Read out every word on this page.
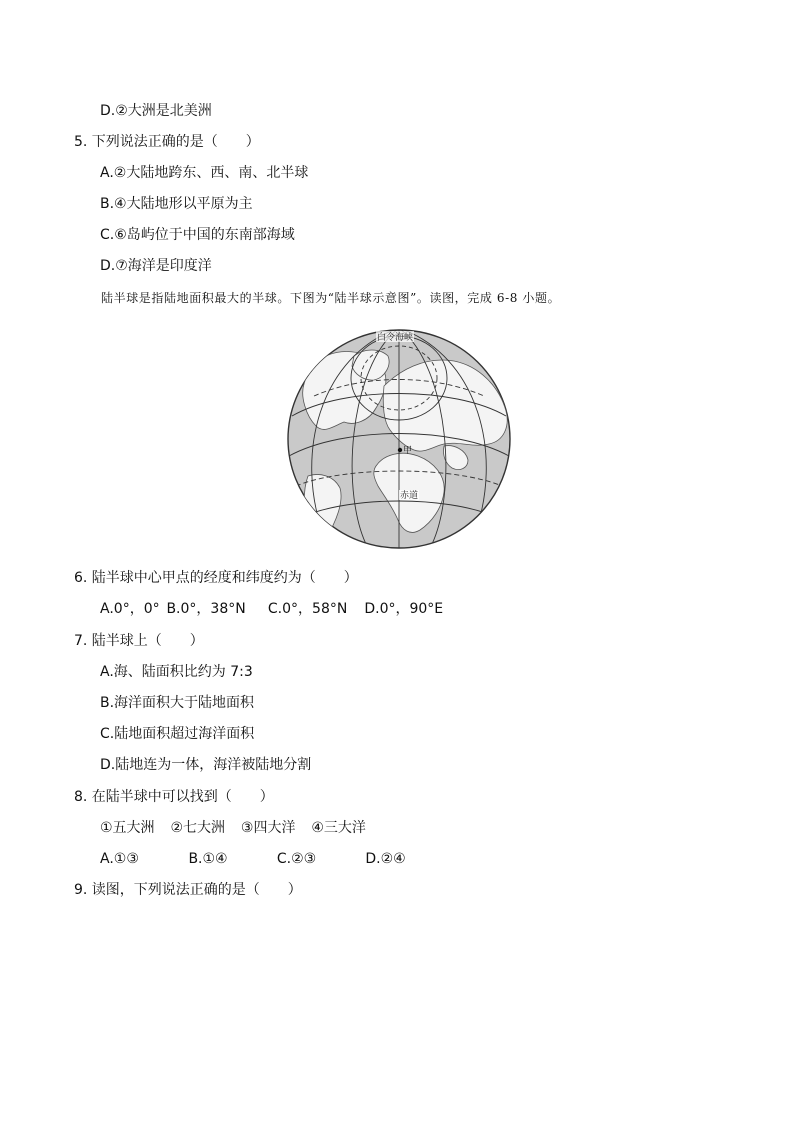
D.②大洲是北美洲
5. 下列说法正确的是（　　）
A.②大陆地跨东、西、南、北半球
B.④大陆地形以平原为主
C.⑥岛屿位于中国的东南部海域
D.⑦海洋是印度洋
陆半球是指陆地面积最大的半球。下图为“陆半球示意图”。读图，完成 6-8 小题。
甲
白令海峡
赤道
6. 陆半球中心甲点的经度和纬度约为（　　）
A.0°，0° B.0°，38°N C.0°，58°N D.0°，90°E
7. 陆半球上（　　）
A.海、陆面积比约为 7:3
B.海洋面积大于陆地面积
C.陆地面积超过海洋面积
D.陆地连为一体，海洋被陆地分割
8. 在陆半球中可以找到（　　）
①五大洲 ②七大洲 ③四大洋 ④三大洋
A.①③	B.①④	C.②③	D.②④
9. 读图，下列说法正确的是（　　）
